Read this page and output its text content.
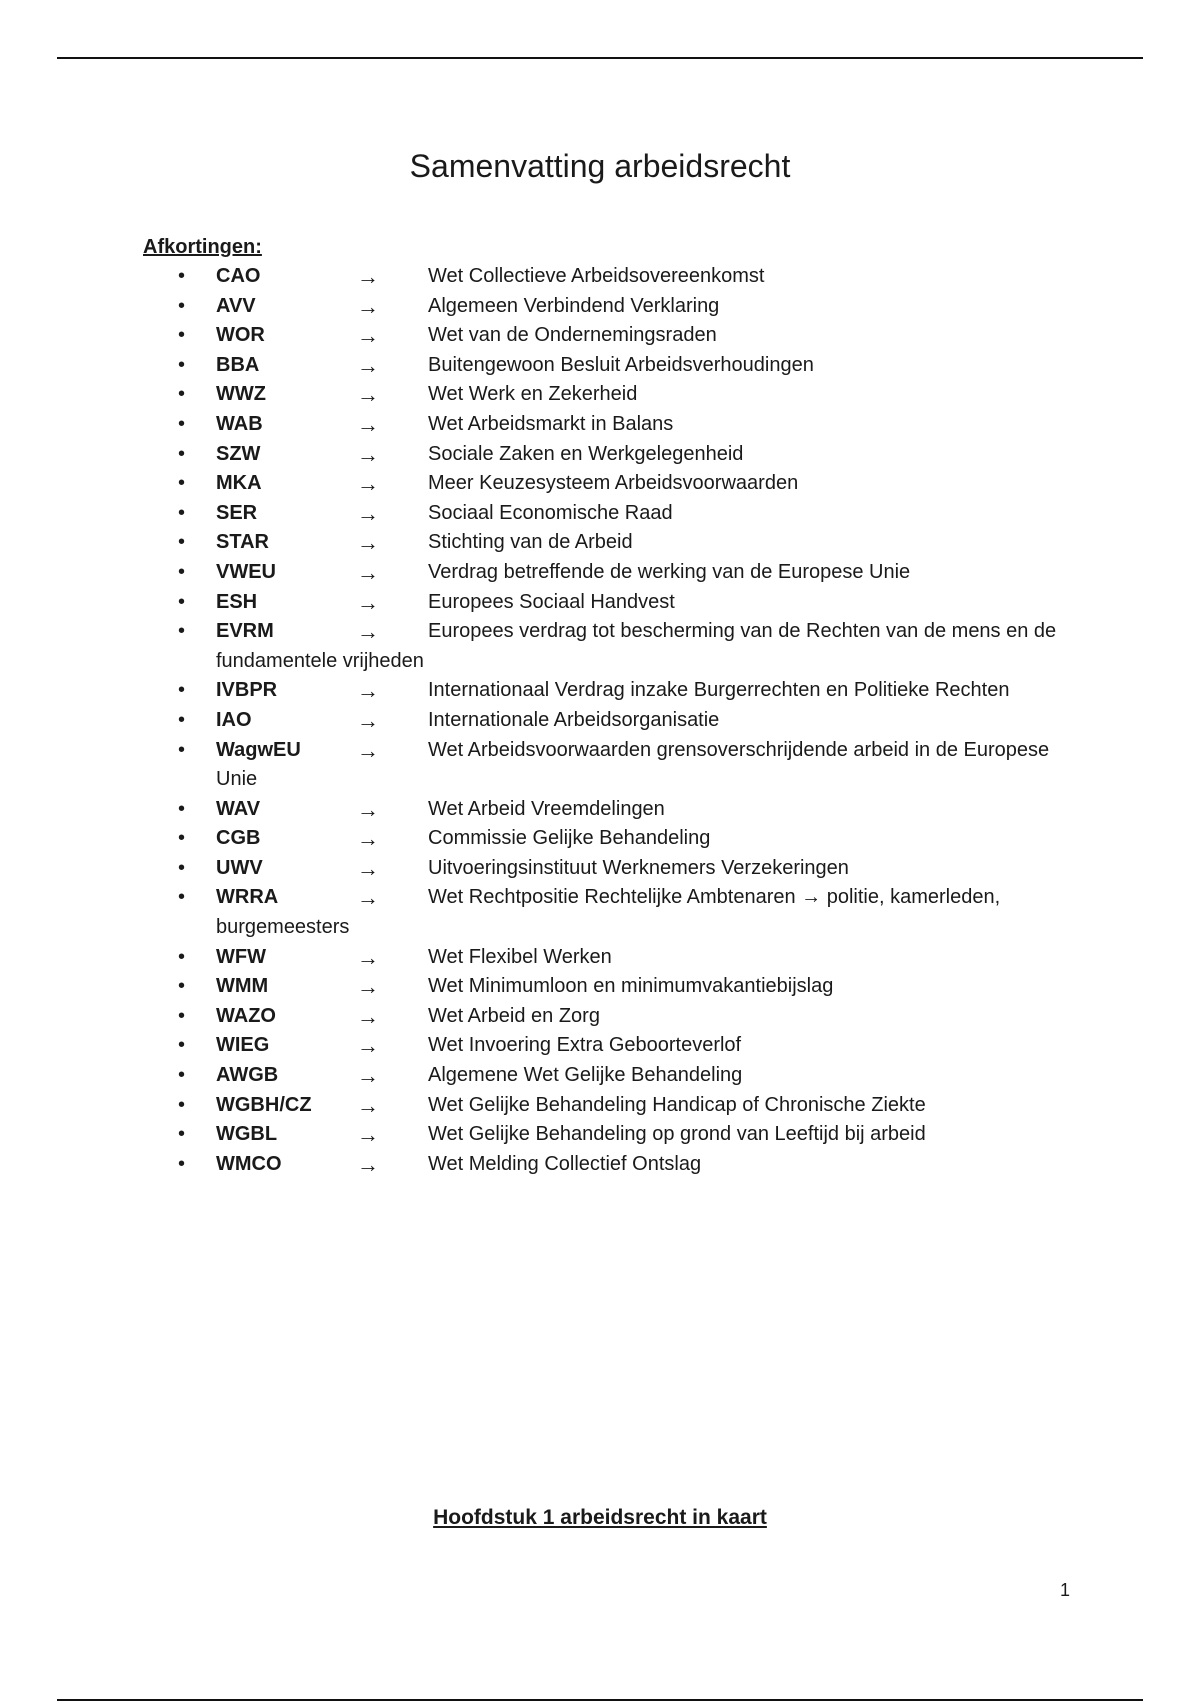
Samenvatting arbeidsrecht
Afkortingen:
• CAO	→	Wet Collectieve Arbeidsovereenkomst
• AVV	→	Algemeen Verbindend Verklaring
• WOR	→	Wet van de Ondernemingsraden
• BBA	→	Buitengewoon Besluit Arbeidsverhoudingen
• WWZ	→	Wet Werk en Zekerheid
• WAB	→	Wet Arbeidsmarkt in Balans
• SZW	→	Sociale Zaken en Werkgelegenheid
• MKA	→	Meer Keuzesysteem Arbeidsvoorwaarden
• SER	→	Sociaal Economische Raad
• STAR	→	Stichting van de Arbeid
• VWEU	→	Verdrag betreffende de werking van de Europese Unie
• ESH	→	Europees Sociaal Handvest
• EVRM	→	Europees verdrag tot bescherming van de Rechten van de mens en de fundamentele vrijheden
• IVBPR	→	Internationaal Verdrag inzake Burgerrechten en Politieke Rechten
• IAO	→	Internationale Arbeidsorganisatie
• WagwEU	→	Wet Arbeidsvoorwaarden grensoverschrijdende arbeid in de Europese Unie
• WAV	→	Wet Arbeid Vreemdelingen
• CGB	→	Commissie Gelijke Behandeling
• UWV	→	Uitvoeringsinstituut Werknemers Verzekeringen
• WRRA	→	Wet Rechtpositie Rechtelijke Ambtenaren → politie, kamerleden, burgemeesters
• WFW	→	Wet Flexibel Werken
• WMM	→	Wet Minimumloon en minimumvakantiebijslag
• WAZO	→	Wet Arbeid en Zorg
• WIEG	→	Wet Invoering Extra Geboorteverlof
• AWGB	→	Algemene Wet Gelijke Behandeling
• WGBH/CZ →	Wet Gelijke Behandeling Handicap of Chronische Ziekte
• WGBL	→	Wet Gelijke Behandeling op grond van Leeftijd bij arbeid
• WMCO	→	Wet Melding Collectief Ontslag
Hoofdstuk 1 arbeidsrecht in kaart
1
